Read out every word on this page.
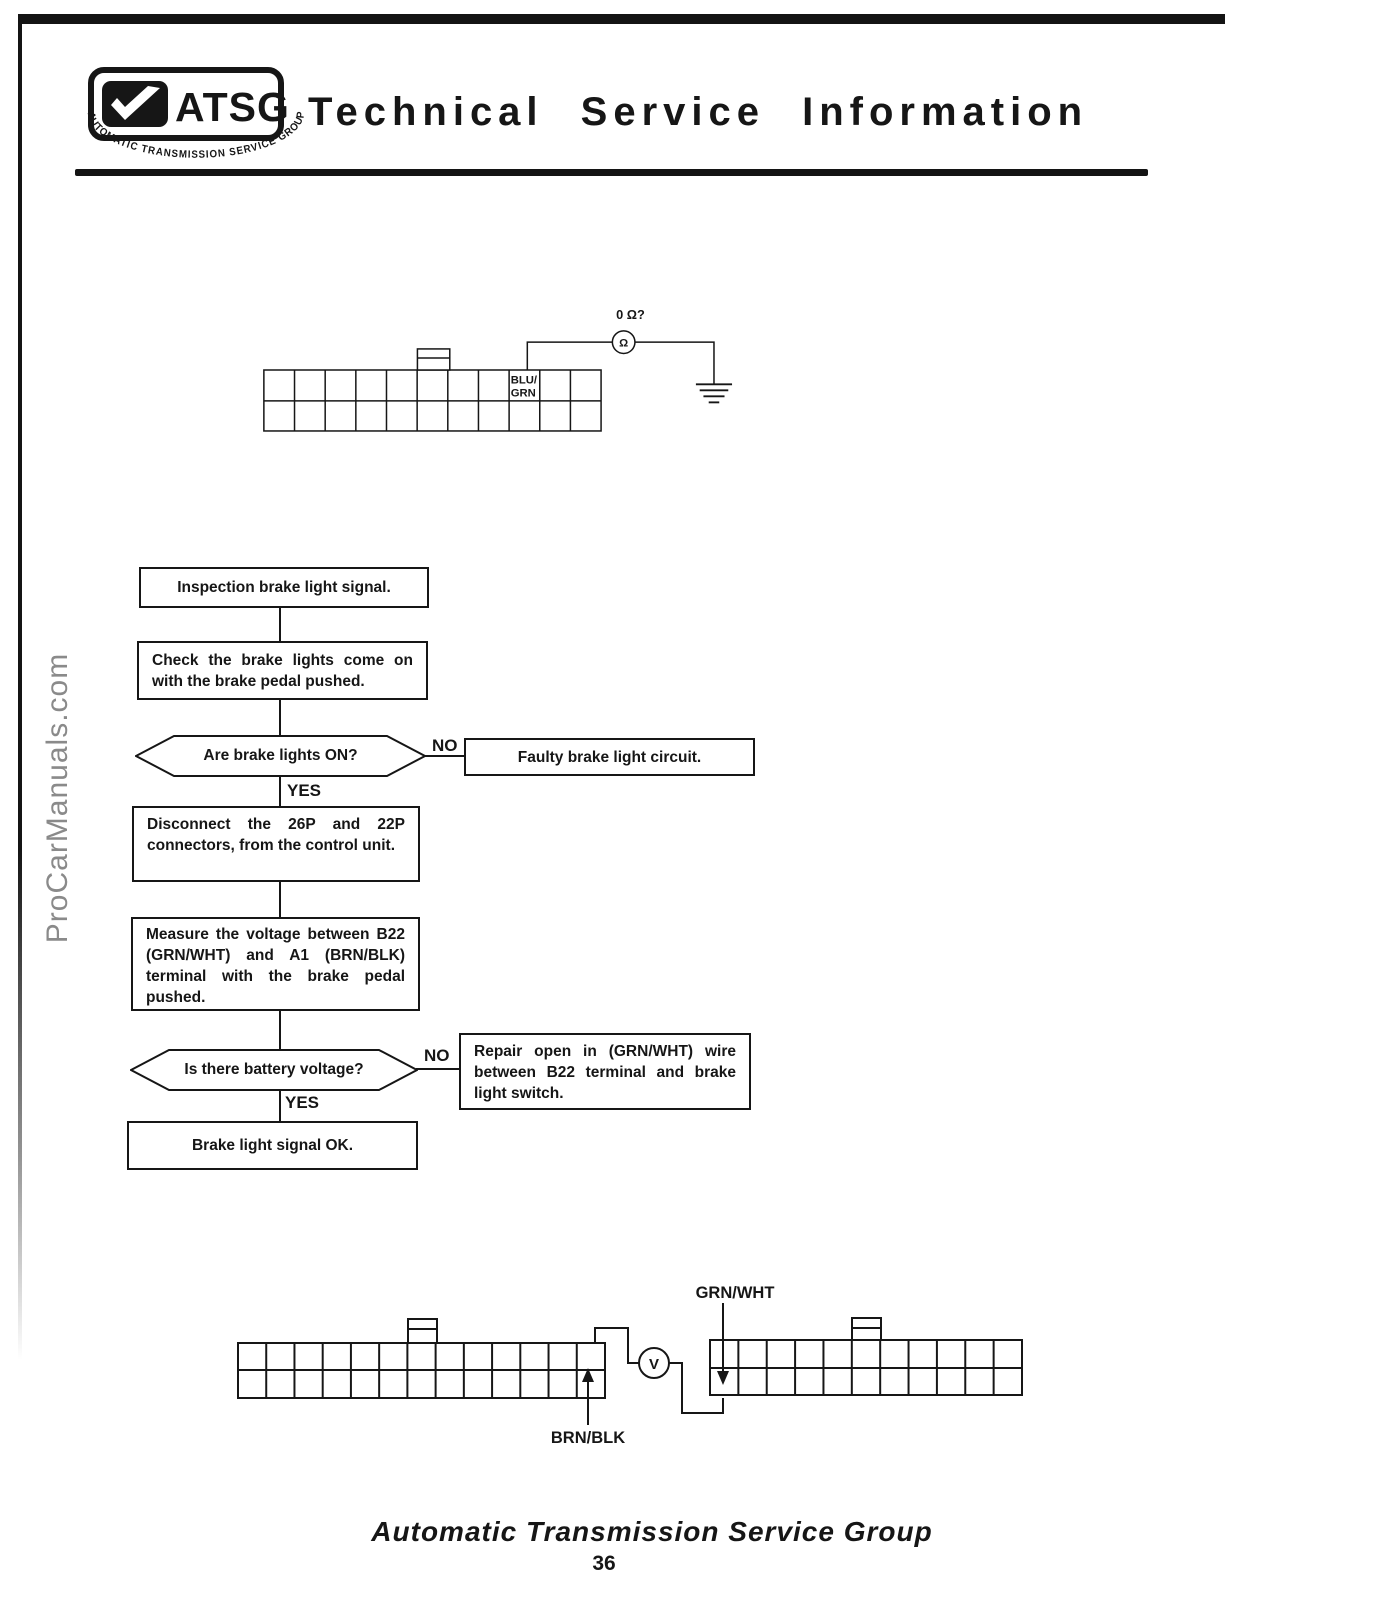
ATSG
AUTOMATIC TRANSMISSION SERVICE GROUP Technical Service Information
ProCarManuals.com
Ω
0 Ω?
BLU/
GRN
Inspection brake light signal.
Check the brake lights come on with the brake pedal pushed.
Are brake lights ON?
NO
Faulty brake light circuit.
YES
Disconnect the 26P and 22P connectors, from the control unit.
Measure the voltage between B22 (GRN/WHT) and A1 (BRN/BLK) terminal with the brake pedal pushed.
Is there battery voltage?
NO	Repair open in (GRN/WHT) wire between B22 terminal and brake light switch.
YES
Brake light signal OK.
V
GRN/WHT
BRN/BLK
Automatic Transmission Service Group
36
